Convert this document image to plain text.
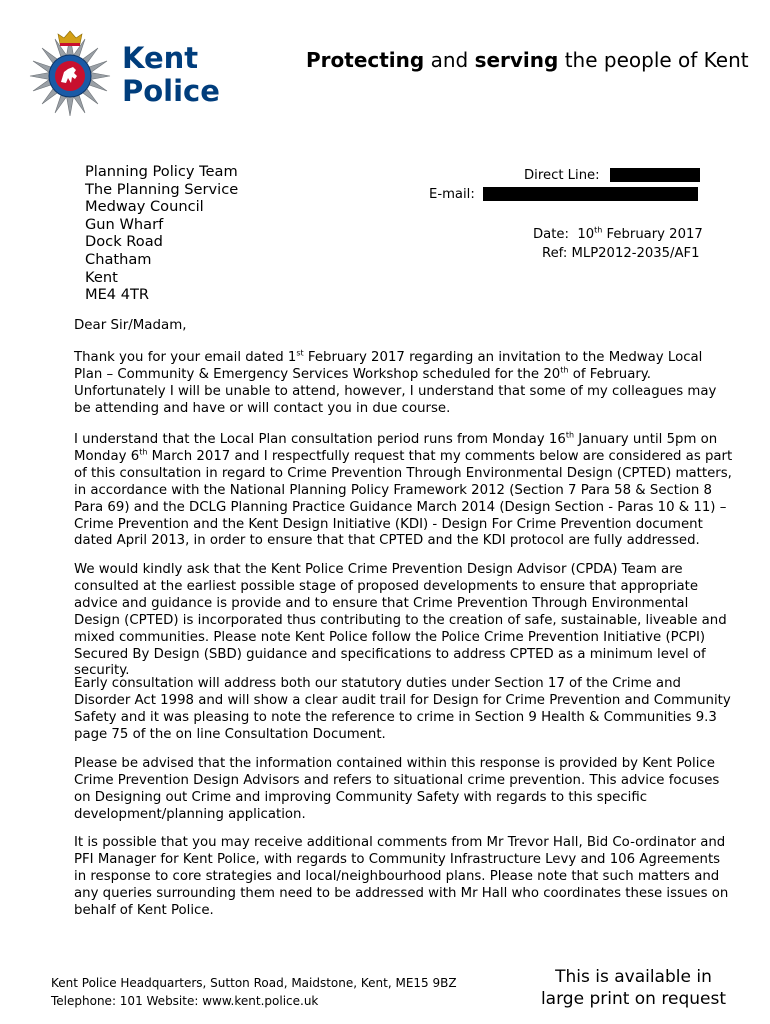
Kent
Police
Protecting and serving the people of Kent
Planning Policy Team
The Planning Service
Medway Council
Gun Wharf
Dock Road
Chatham
Kent
ME4 4TR
Direct Line:
E-mail:
Date: 10th February 2017
Ref: MLP2012-2035/AF1
Dear Sir/Madam,
Thank you for your email dated 1st February 2017 regarding an invitation to the Medway Local Plan – Community & Emergency Services Workshop scheduled for the 20th of February. Unfortunately I will be unable to attend, however, I understand that some of my colleagues may be attending and have or will contact you in due course.
I understand that the Local Plan consultation period runs from Monday 16th January until 5pm on Monday 6th March 2017 and I respectfully request that my comments below are considered as part of this consultation in regard to Crime Prevention Through Environmental Design (CPTED) matters, in accordance with the National Planning Policy Framework 2012 (Section 7 Para 58 & Section 8 Para 69) and the DCLG Planning Practice Guidance March 2014 (Design Section - Paras 10 & 11) – Crime Prevention and the Kent Design Initiative (KDI) - Design For Crime Prevention document dated April 2013, in order to ensure that that CPTED and the KDI protocol are fully addressed.
We would kindly ask that the Kent Police Crime Prevention Design Advisor (CPDA) Team are consulted at the earliest possible stage of proposed developments to ensure that appropriate advice and guidance is provide and to ensure that Crime Prevention Through Environmental Design (CPTED) is incorporated thus contributing to the creation of safe, sustainable, liveable and mixed communities. Please note Kent Police follow the Police Crime Prevention Initiative (PCPI) Secured By Design (SBD) guidance and specifications to address CPTED as a minimum level of security.
Early consultation will address both our statutory duties under Section 17 of the Crime and Disorder Act 1998 and will show a clear audit trail for Design for Crime Prevention and Community Safety and it was pleasing to note the reference to crime in Section 9 Health & Communities 9.3 page 75 of the on line Consultation Document.
Please be advised that the information contained within this response is provided by Kent Police Crime Prevention Design Advisors and refers to situational crime prevention. This advice focuses on Designing out Crime and improving Community Safety with regards to this specific development/planning application.
It is possible that you may receive additional comments from Mr Trevor Hall, Bid Co-ordinator and PFI Manager for Kent Police, with regards to Community Infrastructure Levy and 106 Agreements in response to core strategies and local/neighbourhood plans. Please note that such matters and any queries surrounding them need to be addressed with Mr Hall who coordinates these issues on behalf of Kent Police.

Kent Police Headquarters, Sutton Road, Maidstone, Kent, ME15 9BZ
Telephone: 101 Website: www.kent.police.uk
This is available in
large print on request
